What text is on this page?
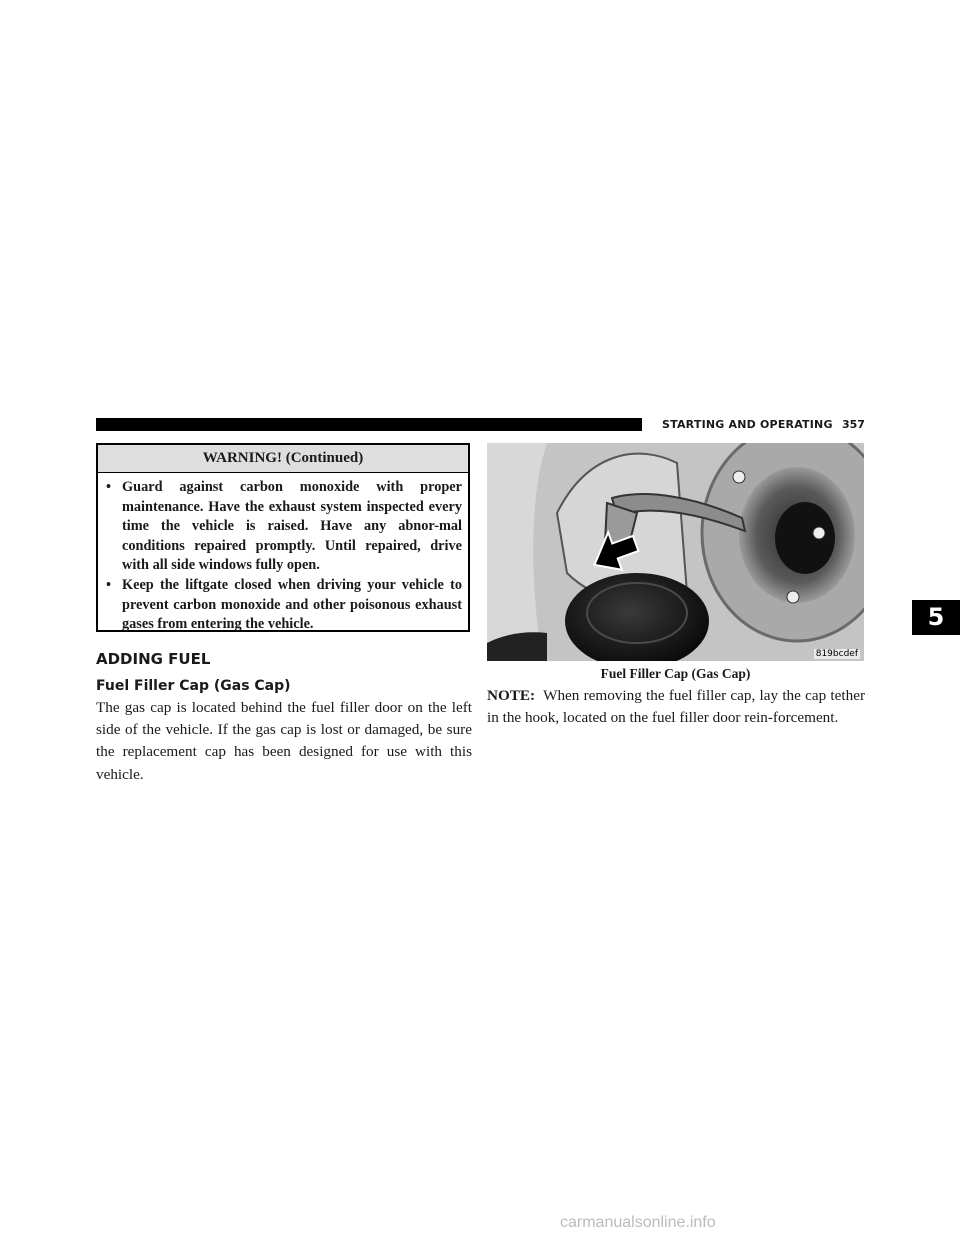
STARTING AND OPERATING 357
WARNING! (Continued)
• Guard against carbon monoxide with proper maintenance. Have the exhaust system inspected every time the vehicle is raised. Have any abnor-mal conditions repaired promptly. Until repaired, drive with all side windows fully open.
• Keep the liftgate closed when driving your vehicle to prevent carbon monoxide and other poisonous exhaust gases from entering the vehicle.
ADDING FUEL
Fuel Filler Cap (Gas Cap)

The gas cap is located behind the fuel filler door on the left side of the vehicle. If the gas cap is lost or damaged, be sure the replacement cap has been designed for use with this vehicle.

819bcdef
Fuel Filler Cap (Gas Cap)

NOTE: When removing the fuel filler cap, lay the cap tether in the hook, located on the fuel filler door rein-forcement.

5
carmanualsonline.info
